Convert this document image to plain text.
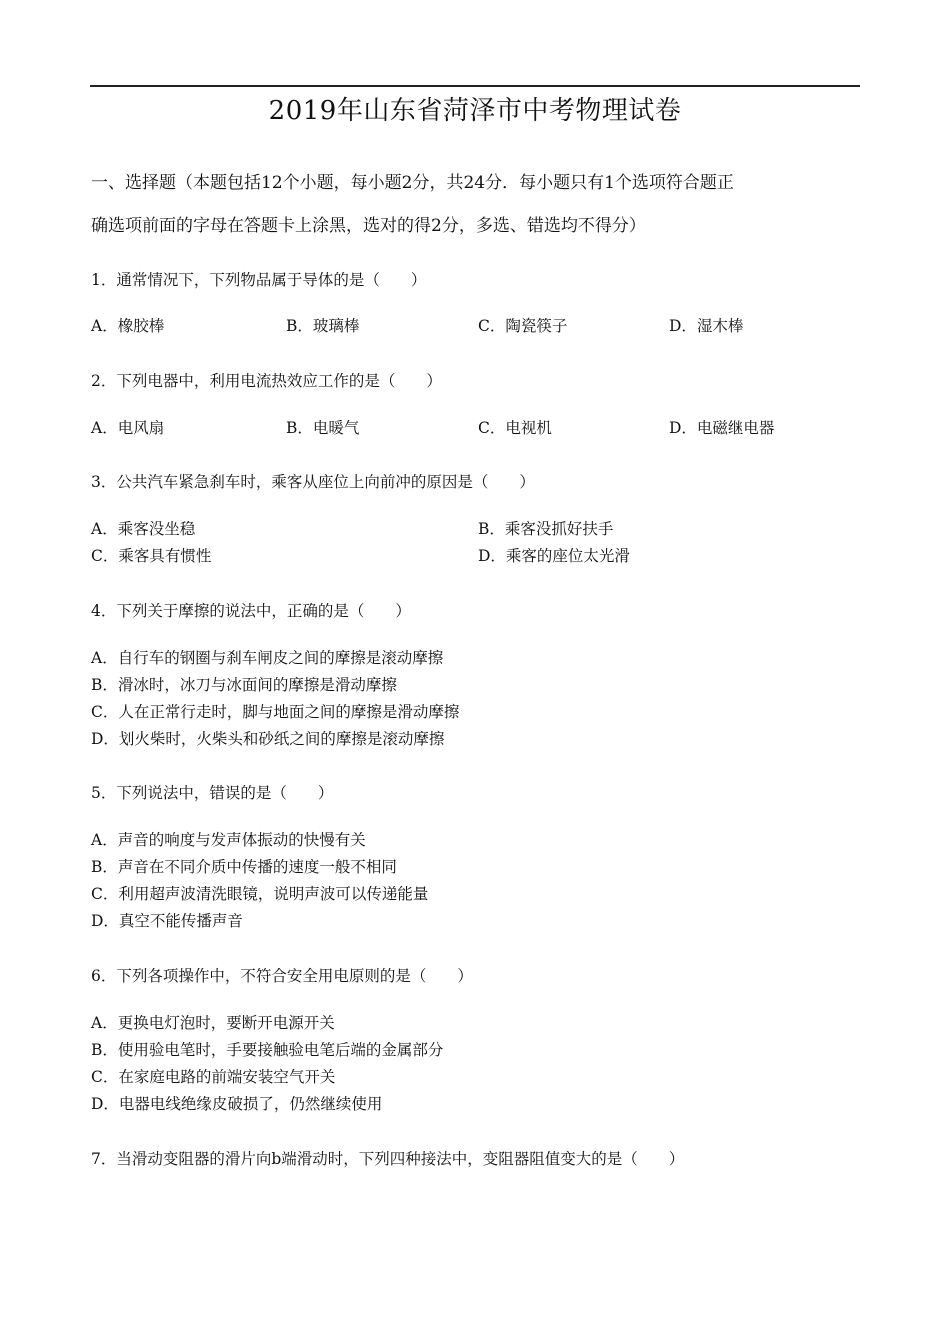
2019年山东省菏泽市中考物理试卷
一、选择题（本题包括12个小题，每小题2分，共24分．每小题只有1个选项符合题正
确选项前面的字母在答题卡上涂黑，选对的得2分，多选、错选均不得分）
1．通常情况下，下列物品属于导体的是（　　）
A．橡胶棒	B．玻璃棒	C．陶瓷筷子	D．湿木棒
2．下列电器中，利用电流热效应工作的是（　　）
A．电风扇	B．电暖气	C．电视机	D．电磁继电器
3．公共汽车紧急刹车时，乘客从座位上向前冲的原因是（　　）
A．乘客没坐稳	B．乘客没抓好扶手
C．乘客具有惯性	D．乘客的座位太光滑
4．下列关于摩擦的说法中，正确的是（　　）
A．自行车的钢圈与刹车闸皮之间的摩擦是滚动摩擦
B．滑冰时，冰刀与冰面间的摩擦是滑动摩擦
C．人在正常行走时，脚与地面之间的摩擦是滑动摩擦
D．划火柴时，火柴头和砂纸之间的摩擦是滚动摩擦
5．下列说法中，错误的是（　　）
A．声音的响度与发声体振动的快慢有关
B．声音在不同介质中传播的速度一般不相同
C．利用超声波清洗眼镜，说明声波可以传递能量
D．真空不能传播声音
6．下列各项操作中，不符合安全用电原则的是（　　）
A．更换电灯泡时，要断开电源开关
B．使用验电笔时，手要接触验电笔后端的金属部分
C．在家庭电路的前端安装空气开关
D．电器电线绝缘皮破损了，仍然继续使用
7．当滑动变阻器的滑片向b端滑动时，下列四种接法中，变阻器阻值变大的是（　　）
